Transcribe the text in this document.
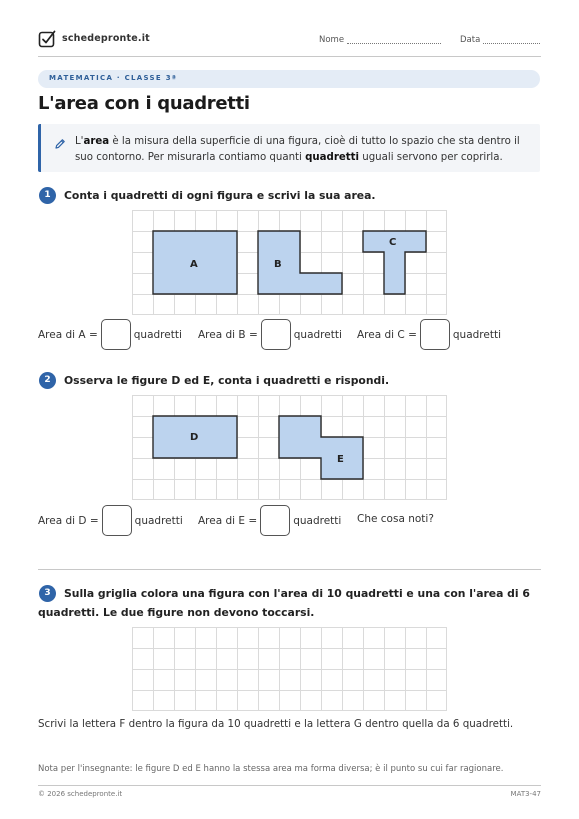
schedepronte.it	Nome	Data
MATEMATICA · CLASSE 3ª
L'area con i quadretti
L'area è la misura della superficie di una figura, cioè di tutto lo spazio che sta dentro il suo contorno. Per misurarla contiamo quanti quadretti uguali servono per coprirla.
1	Conta i quadretti di ogni figura e scrivi la sua area.
A	B
C
Area di A =	quadretti Area di B =	quadretti Area di C =	quadretti
2	Osserva le figure D ed E, conta i quadretti e rispondi.
D
E
Area di D =	quadretti Area di E =	quadretti Che cosa noti?
3	Sulla griglia colora una figura con l'area di 10 quadretti e una con l'area di 6 quadretti. Le due figure non devono toccarsi.
Scrivi la lettera F dentro la figura da 10 quadretti e la lettera G dentro quella da 6 quadretti.
Nota per l'insegnante: le figure D ed E hanno la stessa area ma forma diversa; è il punto su cui far ragionare.
© 2026 schedepronte.it	MAT3-47
